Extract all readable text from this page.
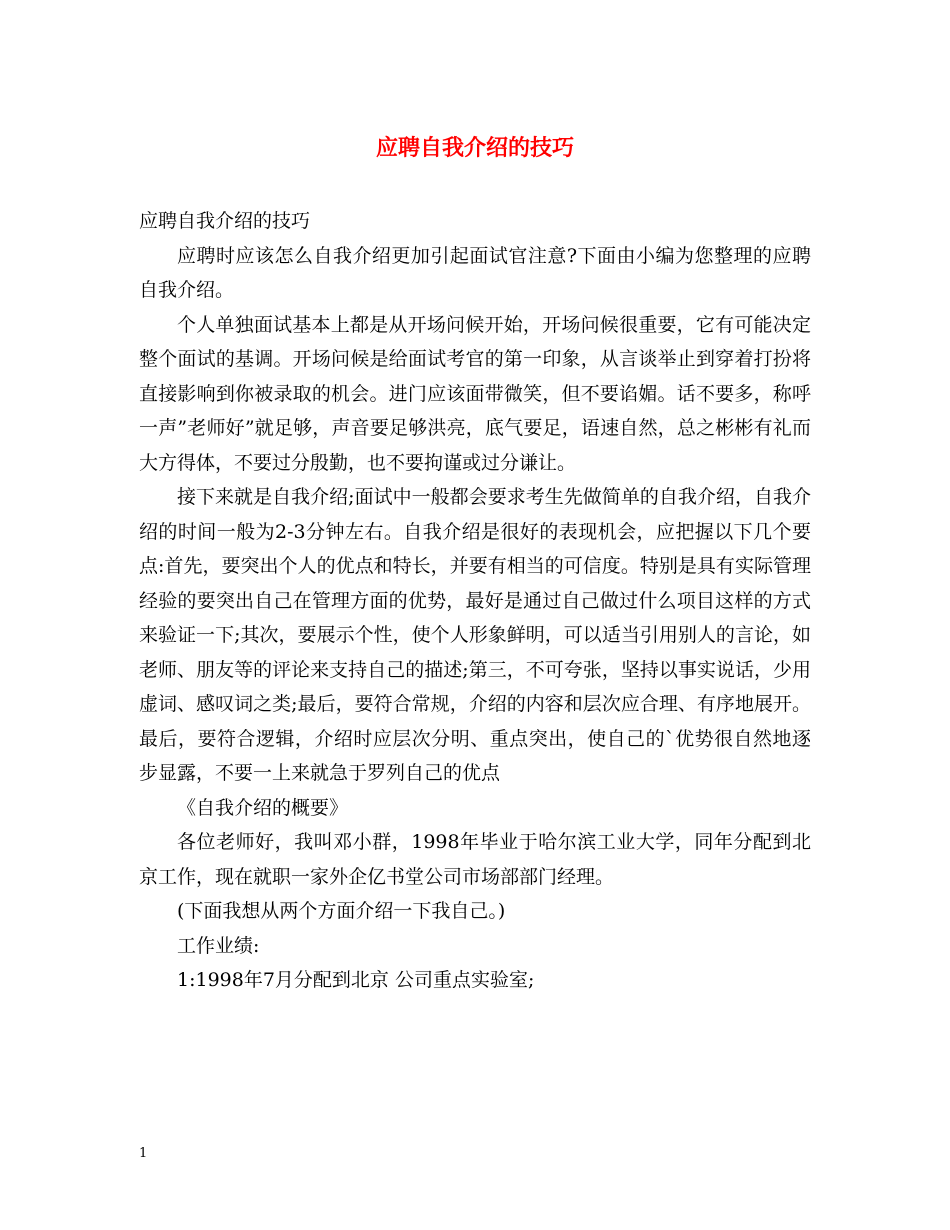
应聘自我介绍的技巧

应聘自我介绍的技巧

应聘时应该怎么自我介绍更加引起面试官注意?下面由小编为您整理的应聘自我介绍。

个人单独面试基本上都是从开场问候开始，开场问候很重要，它有可能决定整个面试的基调。开场问候是给面试考官的第一印象，从言谈举止到穿着打扮将直接影响到你被录取的机会。进门应该面带微笑，但不要谄媚。话不要多，称呼一声”老师好”就足够，声音要足够洪亮，底气要足，语速自然，总之彬彬有礼而大方得体，不要过分殷勤，也不要拘谨或过分谦让。

接下来就是自我介绍;面试中一般都会要求考生先做简单的自我介绍，自我介绍的时间一般为2-3分钟左右。自我介绍是很好的表现机会，应把握以下几个要点:首先，要突出个人的优点和特长，并要有相当的可信度。特别是具有实际管理经验的要突出自己在管理方面的优势，最好是通过自己做过什么项目这样的方式来验证一下;其次，要展示个性，使个人形象鲜明，可以适当引用别人的言论，如老师、朋友等的评论来支持自己的描述;第三，不可夸张，坚持以事实说话，少用虚词、感叹词之类;最后，要符合常规，介绍的内容和层次应合理、有序地展开。最后，要符合逻辑，介绍时应层次分明、重点突出，使自己的`优势很自然地逐步显露，不要一上来就急于罗列自己的优点

《自我介绍的概要》

各位老师好，我叫邓小群，1998年毕业于哈尔滨工业大学，同年分配到北京工作，现在就职一家外企亿书堂公司市场部部门经理。

(下面我想从两个方面介绍一下我自己。)

工作业绩:

1:1998年7月分配到北京 公司重点实验室;

1
